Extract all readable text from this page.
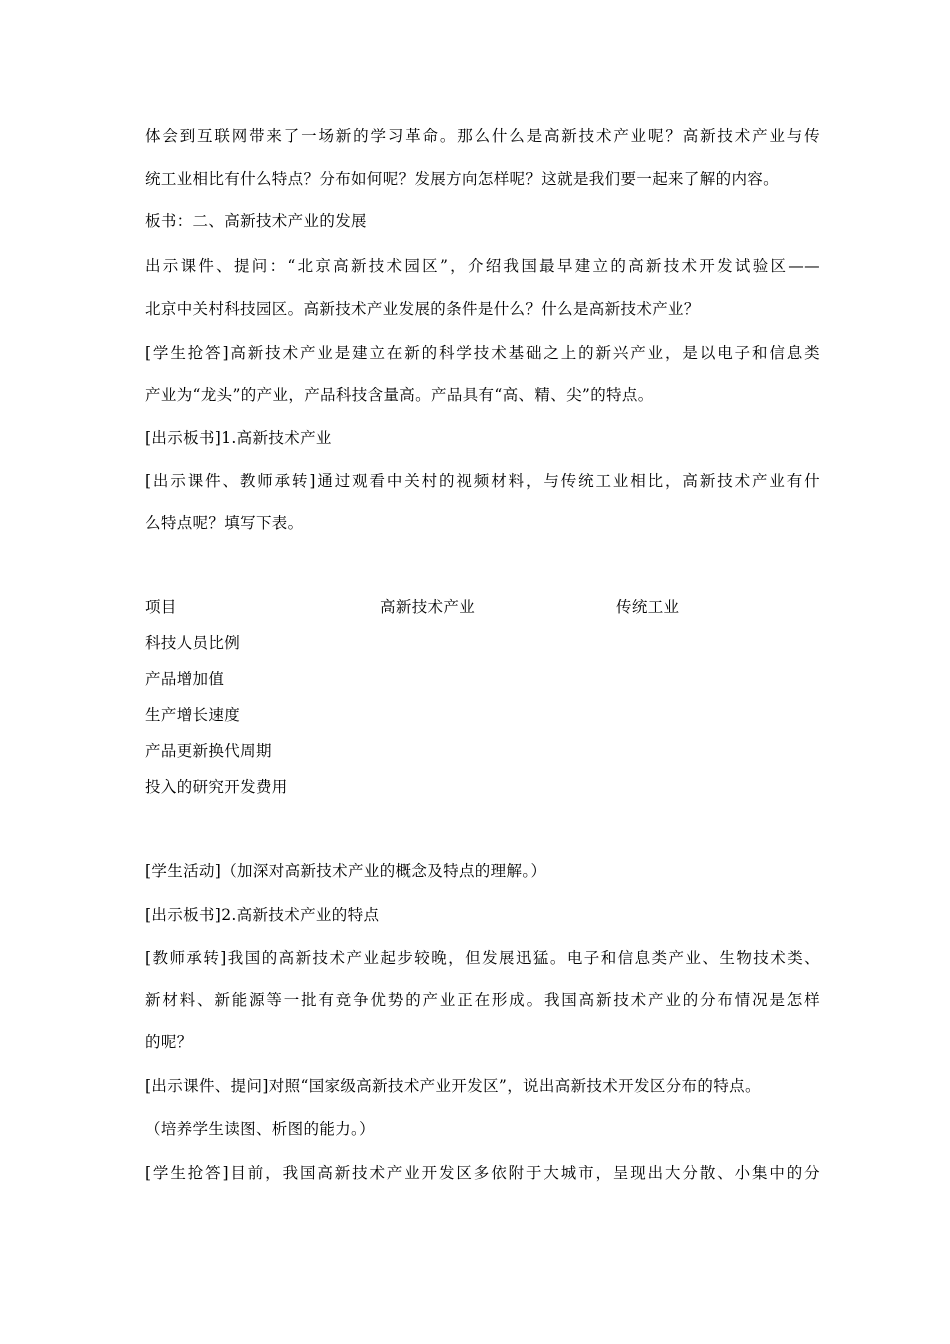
体会到互联网带来了一场新的学习革命。那么什么是高新技术产业呢？高新技术产业与传
统工业相比有什么特点？分布如何呢？发展方向怎样呢？这就是我们要一起来了解的内容。
板书：二、高新技术产业的发展
出示课件、提问：“北京高新技术园区”，介绍我国最早建立的高新技术开发试验区——
北京中关村科技园区。高新技术产业发展的条件是什么？什么是高新技术产业？
[学生抢答]高新技术产业是建立在新的科学技术基础之上的新兴产业，是以电子和信息类
产业为“龙头”的产业，产品科技含量高。产品具有“高、精、尖”的特点。
[出示板书]1.高新技术产业
[出示课件、教师承转]通过观看中关村的视频材料，与传统工业相比，高新技术产业有什
么特点呢？填写下表。
项目	高新技术产业	传统工业
科技人员比例
产品增加值
生产增长速度
产品更新换代周期
投入的研究开发费用
[学生活动]（加深对高新技术产业的概念及特点的理解。）
[出示板书]2.高新技术产业的特点
[教师承转]我国的高新技术产业起步较晚，但发展迅猛。电子和信息类产业、生物技术类、
新材料、新能源等一批有竞争优势的产业正在形成。我国高新技术产业的分布情况是怎样
的呢？
[出示课件、提问]对照“国家级高新技术产业开发区”，说出高新技术开发区分布的特点。
（培养学生读图、析图的能力。）
[学生抢答]目前，我国高新技术产业开发区多依附于大城市，呈现出大分散、小集中的分
